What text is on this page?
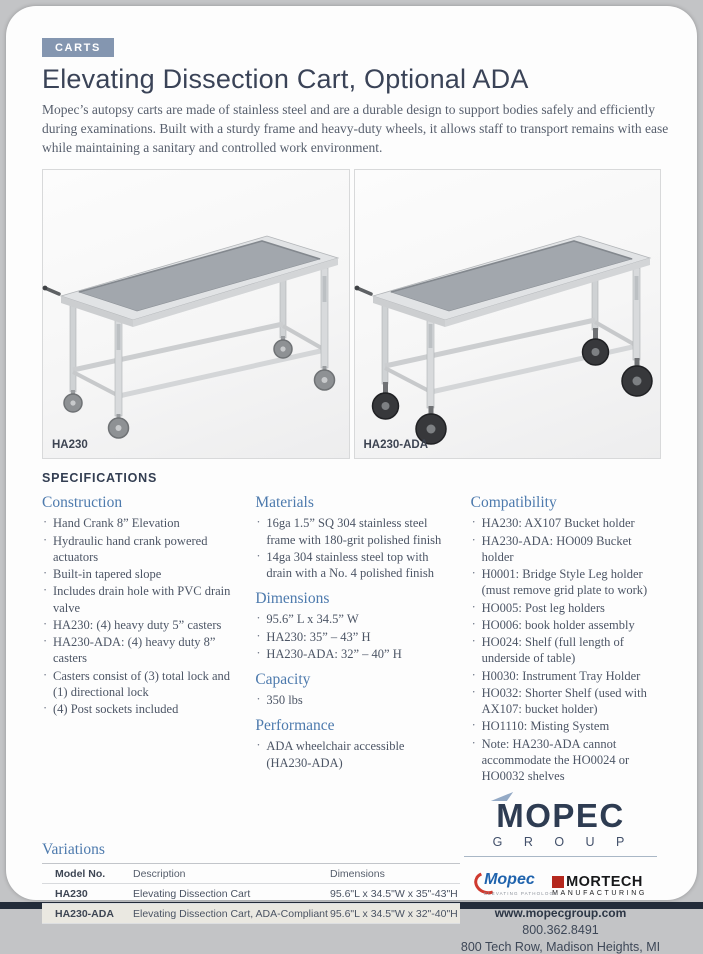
CARTS
Elevating Dissection Cart, Optional ADA

Mopec’s autopsy carts are made of stainless steel and are a durable design to support bodies safely and efficiently during examinations. Built with a sturdy frame and heavy-duty wheels, it allows staff to transport remains with ease while maintaining a sanitary and controlled work environment.

HA230	HA230-ADA
SPECIFICATIONS
Construction
· Hand Crank 8” Elevation
· Hydraulic hand crank powered actuators
· Built-in tapered slope
· Includes drain hole with PVC drain valve
· HA230: (4) heavy duty 5” casters
· HA230-ADA: (4) heavy duty 8” casters
· Casters consist of (3) total lock and (1) directional lock
· (4) Post sockets included
Materials
· 16ga 1.5” SQ 304 stainless steel frame with 180-grit polished finish
· 14ga 304 stainless steel top with drain with a No. 4 polished finish
Dimensions
· 95.6” L x 34.5” W
· HA230: 35” – 43” H
· HA230-ADA: 32” – 40” H
Capacity
· 350 lbs
Performance
· ADA wheelchair accessible (HA230-ADA)
Compatibility
· HA230: AX107 Bucket holder
· HA230-ADA: HO009 Bucket holder
· H0001: Bridge Style Leg holder (must remove grid plate to work)
· HO005: Post leg holders
· HO006: book holder assembly
· HO024: Shelf (full length of underside of table)
· H0030: Instrument Tray Holder
· HO032: Shorter Shelf (used with AX107: bucket holder)
· HO1110: Misting System
· Note: HA230-ADA cannot accommodate the HO0024 or HO0032 shelves
Variations
Model No.	Description	Dimensions
HA230	Elevating Dissection Cart	95.6"L x 34.5"W x 35"-43"H
HA230-ADA	Elevating Dissection Cart, ADA-Compliant	95.6"L x 34.5"W x 32"-40"H
MOPEC
G R O U P
Mopec
ELEVATING PATHOLOGY
MORTECH
MANUFACTURING
www.mopecgroup.com
800.362.8491
800 Tech Row, Madison Heights, MI
